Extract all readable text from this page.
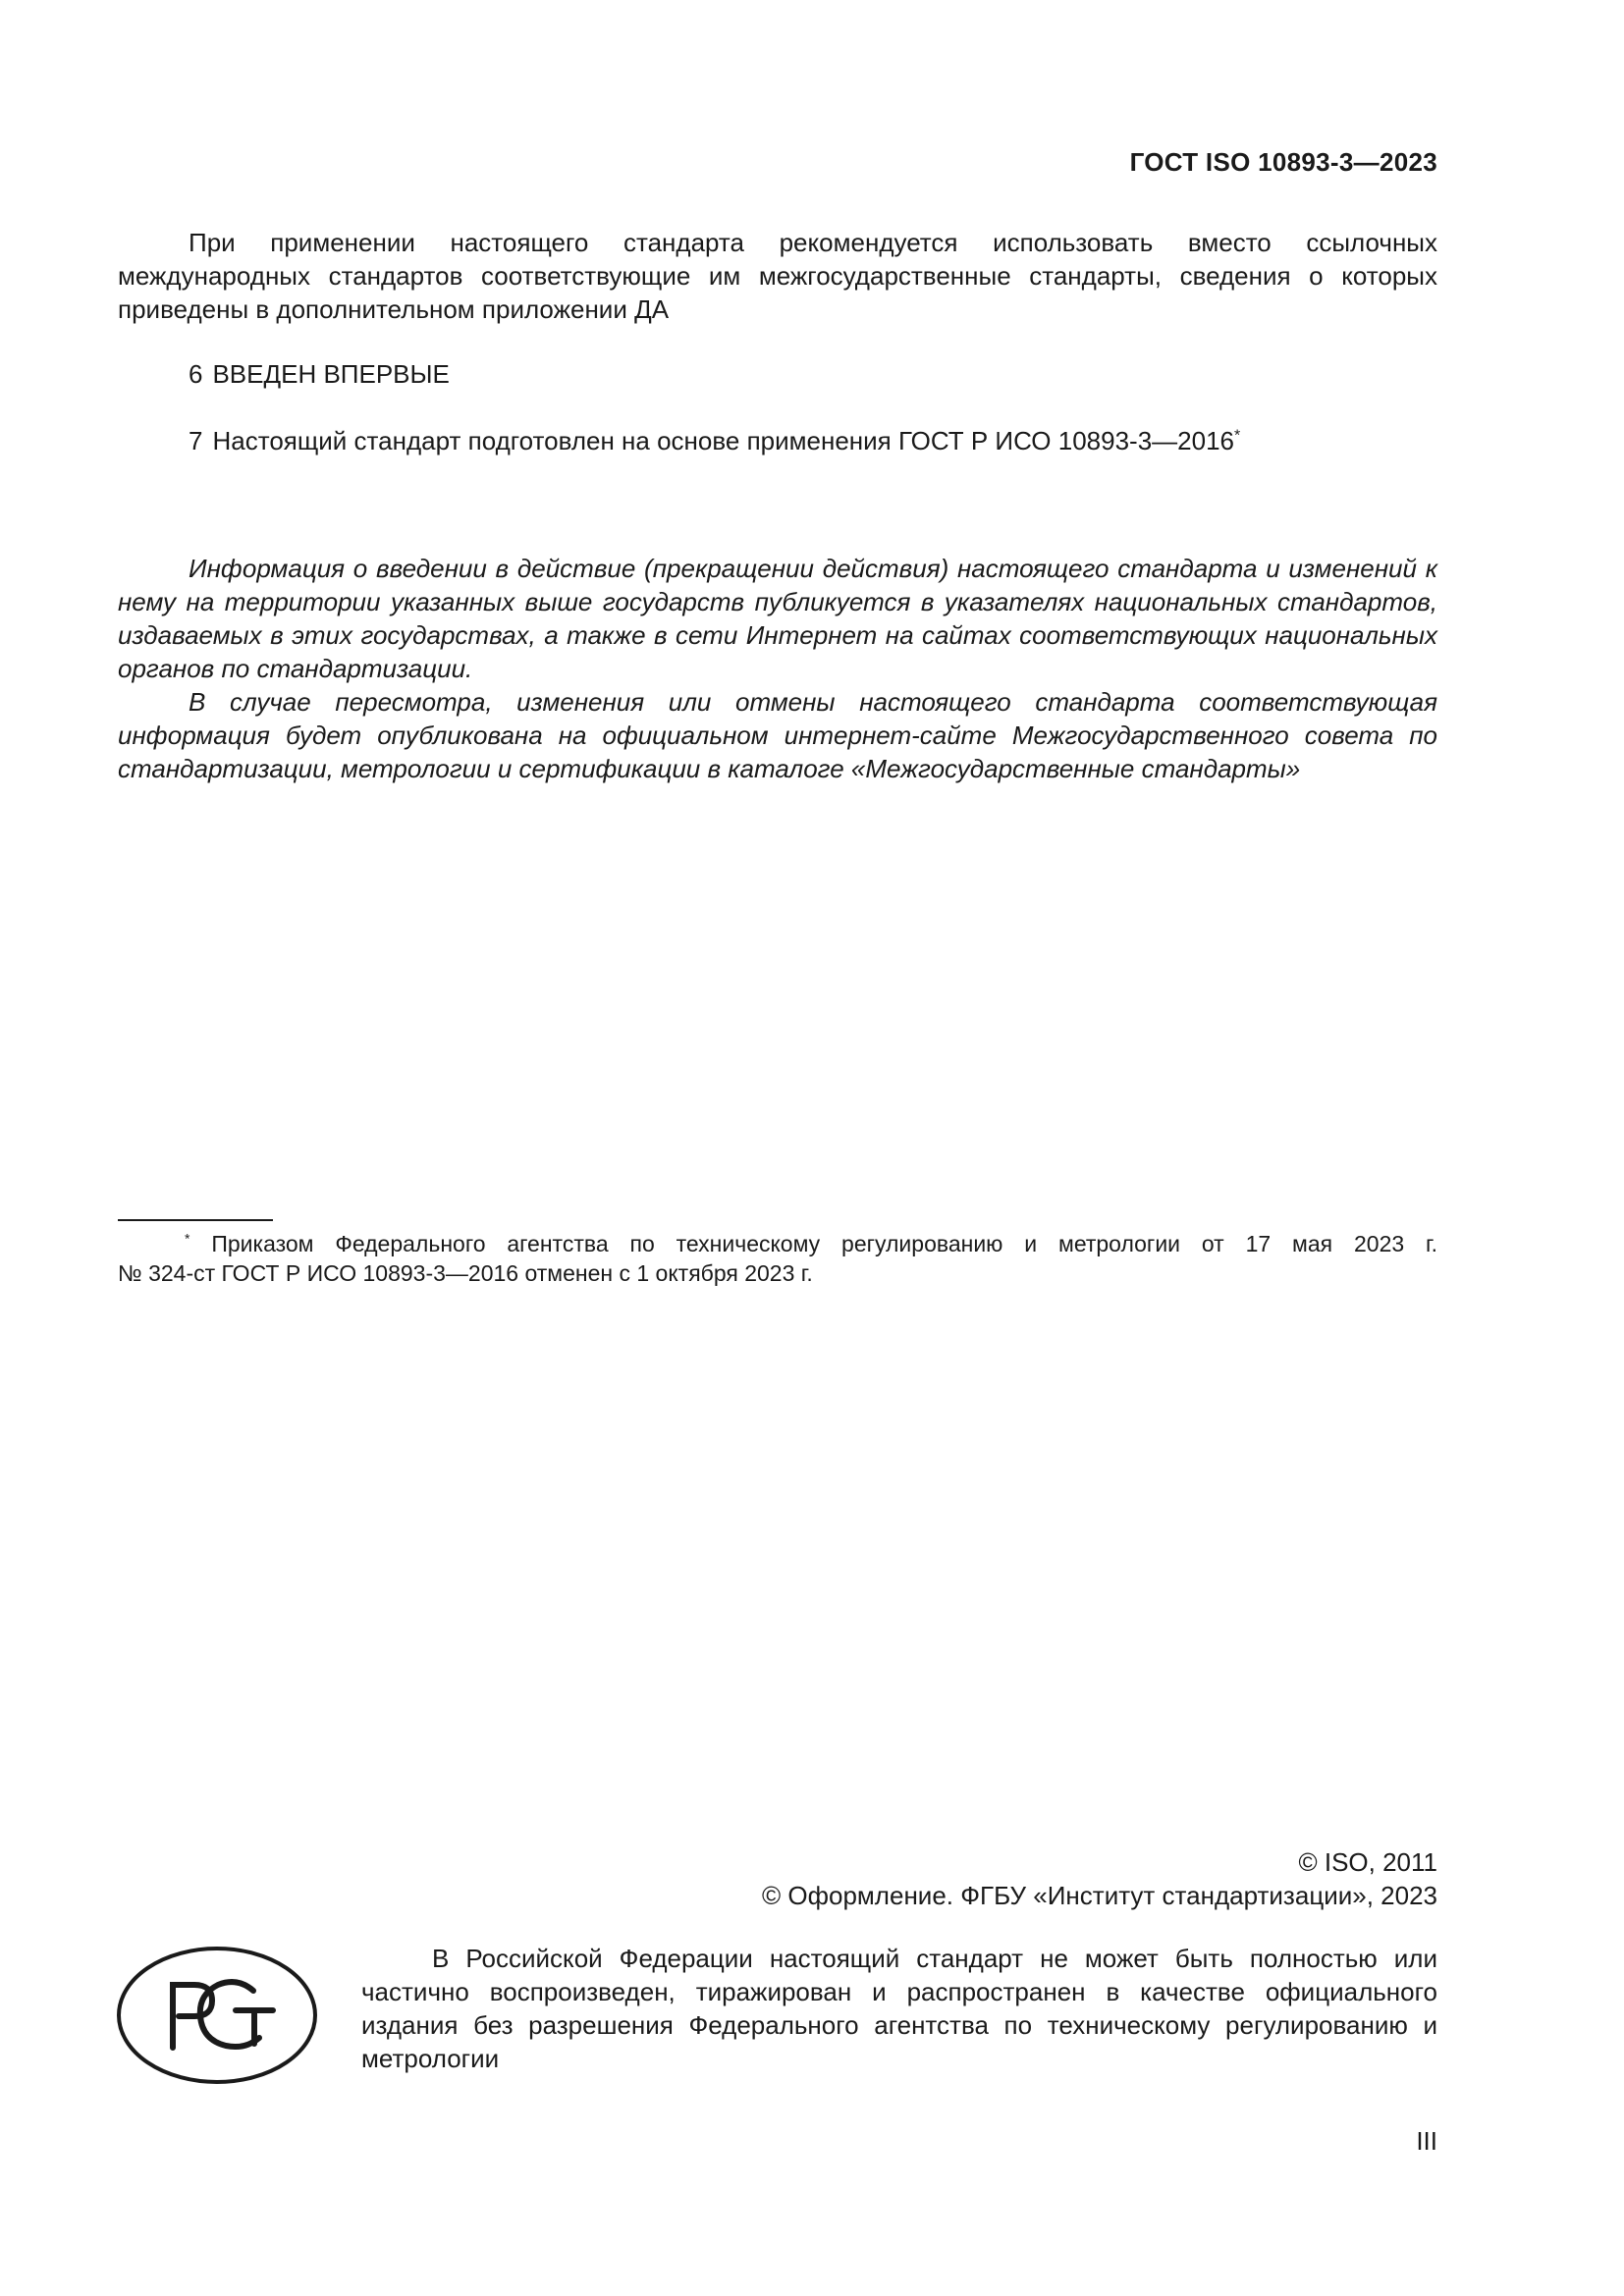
ГОСТ ISO 10893-3—2023

При применении настоящего стандарта рекомендуется использовать вместо ссылочных международных стандартов соответствующие им межгосударственные стандарты, сведения о которых приведены в дополнительном приложении ДА

6 ВВЕДЕН ВПЕРВЫЕ

7 Настоящий стандарт подготовлен на основе применения ГОСТ Р ИСО 10893-3—2016*

Информация о введении в действие (прекращении действия) настоящего стандарта и изменений к нему на территории указанных выше государств публикуется в указателях национальных стандартов, издаваемых в этих государствах, а также в сети Интернет на сайтах соответствующих национальных органов по стандартизации.

В случае пересмотра, изменения или отмены настоящего стандарта соответствующая информация будет опубликована на официальном интернет-сайте Межгосударственного совета по стандартизации, метрологии и сертификации в каталоге «Межгосударственные стандарты»

* Приказом Федерального агентства по техническому регулированию и метрологии от 17 мая 2023 г.
№ 324-ст ГОСТ Р ИСО 10893-3—2016 отменен с 1 октября 2023 г.
© ISO, 2011
© Оформление. ФГБУ «Институт стандартизации», 2023

В Российской Федерации настоящий стандарт не может быть полностью или частично воспроизведен, тиражирован и распространен в качестве официального издания без разрешения Федерального агентства по техническому регулированию и метрологии

III
